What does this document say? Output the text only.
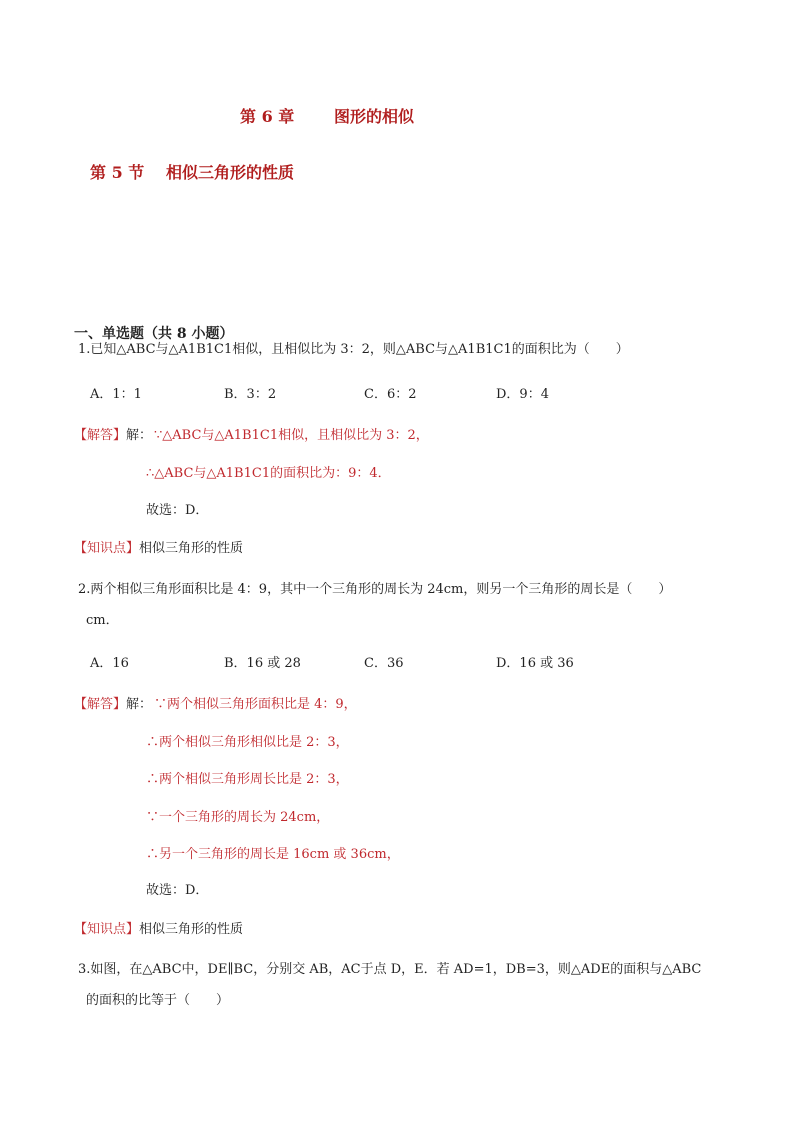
第 6 章 图形的相似
第 5 节 相似三角形的性质
一、单选题（共 8 小题）
1.已知△ABC与△A1B1C1相似，且相似比为 3：2，则△ABC与△A1B1C1的面积比为（　　）
A．1：1	B．3：2	C．6：2	D．9：4
【解答】解： ∵△ABC与△A1B1C1相似，且相似比为 3：2，
∴△ABC与△A1B1C1的面积比为：9：4．
故选：D．
【知识点】相似三角形的性质
2.两个相似三角形面积比是 4：9，其中一个三角形的周长为 24cm，则另一个三角形的周长是（　　）
cm．
A．16	B．16 或 28	C．36	D．16 或 36
【解答】解： ∵两个相似三角形面积比是 4：9，
∴两个相似三角形相似比是 2：3，
∴两个相似三角形周长比是 2：3，
∵一个三角形的周长为 24cm，
∴另一个三角形的周长是 16cm 或 36cm，
故选：D．
【知识点】相似三角形的性质
3.如图，在△ABC中，DE∥BC，分别交 AB，AC于点 D，E．若 AD=1，DB=3，则△ADE的面积与△ABC
的面积的比等于（　　）
